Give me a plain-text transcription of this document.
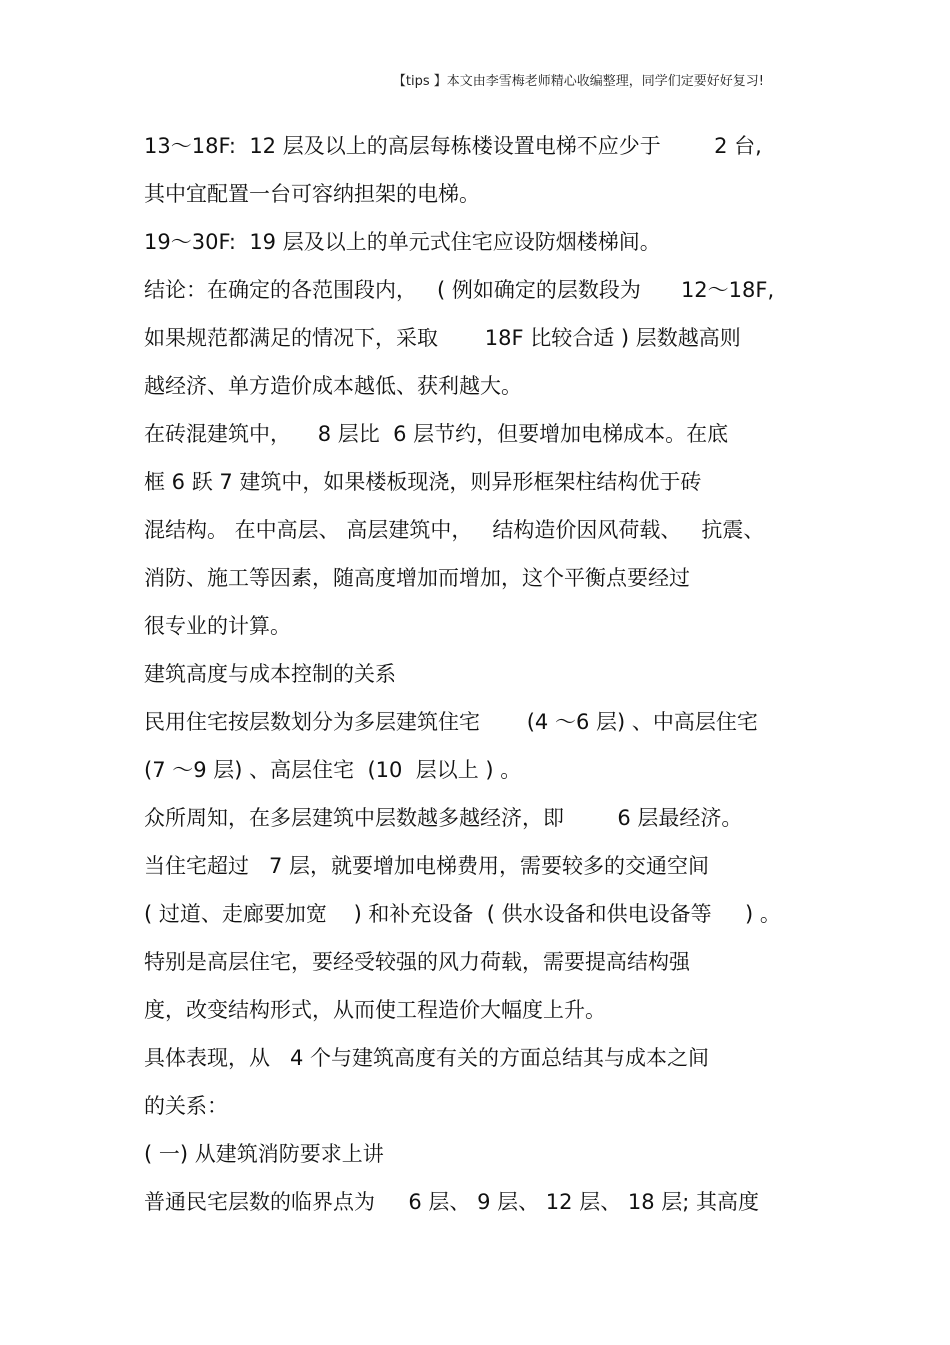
【tips 】本文由李雪梅老师精心收编整理，同学们定要好好复习!
13～18F:  12 层及以上的高层每栋楼设置电梯不应少于        2 台,
其中宜配置一台可容纳担架的电梯。
19～30F:  19 层及以上的单元式住宅应设防烟楼梯间。
结论：在确定的各范围段内，   ( 例如确定的层数段为      12～18F,
如果规范都满足的情况下，采取       18F 比较合适 ) 层数越高则
越经济、单方造价成本越低、获利越大。
在砖混建筑中，    8 层比  6 层节约，但要增加电梯成本。在底
框 6 跃 7 建筑中，如果楼板现浇，则异形框架柱结构优于砖
混结构。 在中高层、 高层建筑中，   结构造价因风荷载、   抗震、
消防、施工等因素，随高度增加而增加，这个平衡点要经过
很专业的计算。
建筑高度与成本控制的关系
民用住宅按层数划分为多层建筑住宅       (4 ～6 层) 、中高层住宅
(7 ～9 层) 、高层住宅  (10  层以上 ) 。
众所周知，在多层建筑中层数越多越经济，即        6 层最经济。
当住宅超过   7 层，就要增加电梯费用，需要较多的交通空间
( 过道、走廊要加宽    ) 和补充设备  ( 供水设备和供电设备等     ) 。
特别是高层住宅，要经受较强的风力荷载，需要提高结构强
度，改变结构形式，从而使工程造价大幅度上升。
具体表现，从   4 个与建筑高度有关的方面总结其与成本之间
的关系：
( 一) 从建筑消防要求上讲
普通民宅层数的临界点为     6 层、 9 层、 12 层、 18 层; 其高度
